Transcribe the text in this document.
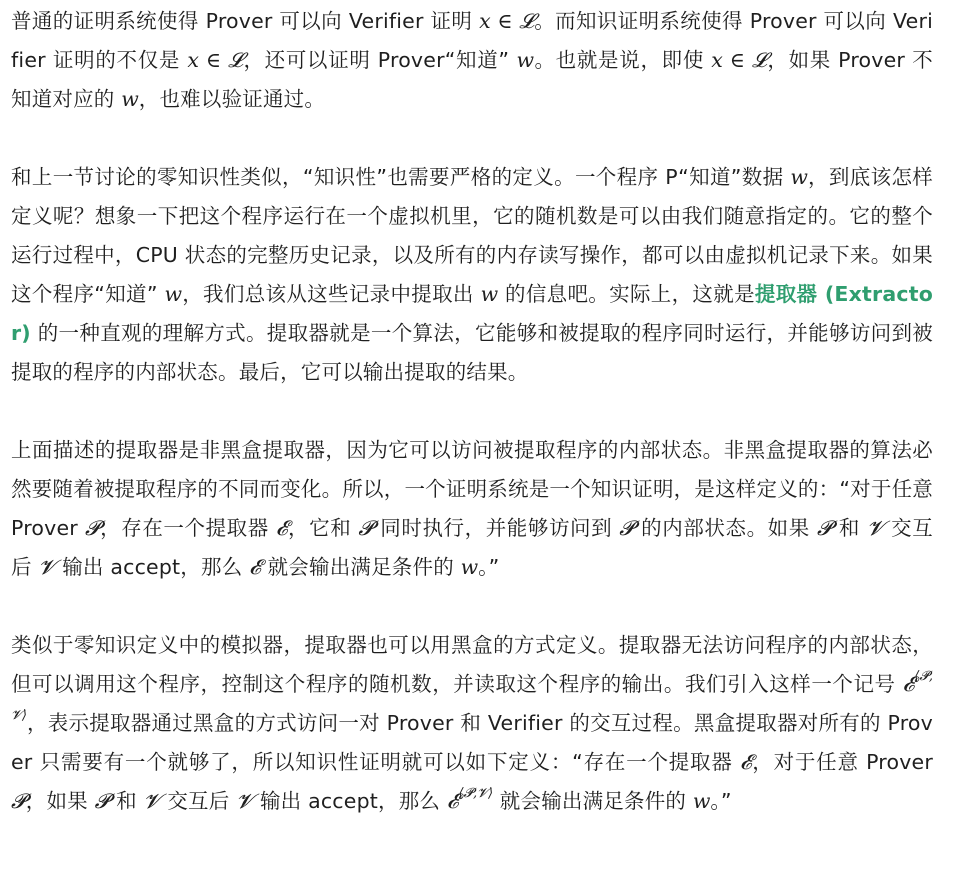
普通的证明系统使得 Prover 可以向 Verifier 证明 x ∈ 𝓛。而知识证明系统使得 Prover 可以向 Verifier 证明的不仅是 x ∈ 𝓛，还可以证明 Prover“知道” w。也就是说，即使 x ∈ 𝓛，如果 Prover 不知道对应的 w，也难以验证通过。

和上一节讨论的零知识性类似，“知识性”也需要严格的定义。一个程序 P“知道”数据 w，到底该怎样定义呢？想象一下把这个程序运行在一个虚拟机里，它的随机数是可以由我们随意指定的。它的整个运行过程中，CPU 状态的完整历史记录，以及所有的内存读写操作，都可以由虚拟机记录下来。如果这个程序“知道” w，我们总该从这些记录中提取出 w 的信息吧。实际上，这就是提取器 (Extractor) 的一种直观的理解方式。提取器就是一个算法，它能够和被提取的程序同时运行，并能够访问到被提取的程序的内部状态。最后，它可以输出提取的结果。

上面描述的提取器是非黑盒提取器，因为它可以访问被提取程序的内部状态。非黑盒提取器的算法必然要随着被提取程序的不同而变化。所以，一个证明系统是一个知识证明，是这样定义的：“对于任意 Prover 𝓟，存在一个提取器 𝓔，它和 𝓟 同时执行，并能够访问到 𝓟 的内部状态。如果 𝓟 和 𝓥 交互后 𝓥 输出 accept，那么 𝓔 就会输出满足条件的 w。”

类似于零知识定义中的模拟器，提取器也可以用黑盒的方式定义。提取器无法访问程序的内部状态，但可以调用这个程序，控制这个程序的随机数，并读取这个程序的输出。我们引入这样一个记号 𝓔$^{⟨𝓟,𝓥⟩}$，表示提取器通过黑盒的方式访问一对 Prover 和 Verifier 的交互过程。黑盒提取器对所有的 Prover 只需要有一个就够了，所以知识性证明就可以如下定义：“存在一个提取器 𝓔，对于任意 Prover 𝓟，如果 𝓟 和 𝓥 交互后 𝓥 输出 accept，那么 𝓔$^{⟨𝓟,𝓥⟩}$ 就会输出满足条件的 w。”
